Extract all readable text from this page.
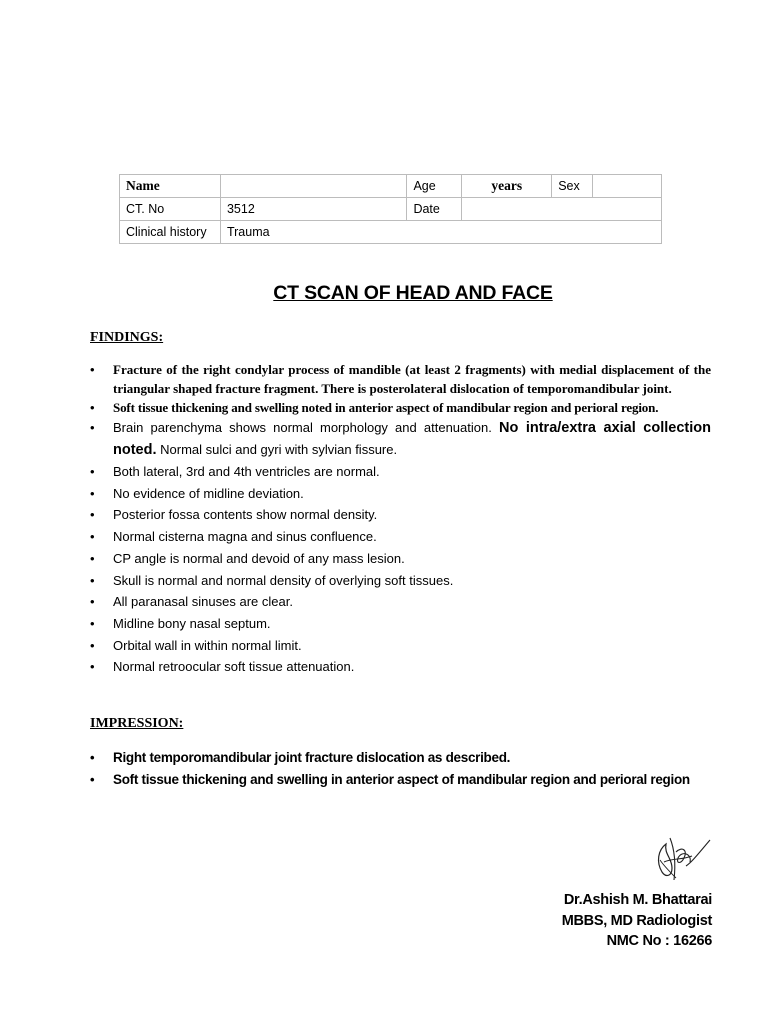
Name		Age	years	Sex	
CT. No	3512	Date			
Clinical history	Trauma				
CT SCAN OF HEAD AND FACE
FINDINGS:
• Fracture of the right condylar process of mandible (at least 2 fragments) with medial displacement of the triangular shaped fracture fragment. There is posterolateral dislocation of temporomandibular joint.
• Soft tissue thickening and swelling noted in anterior aspect of mandibular region and perioral region.
• Brain parenchyma shows normal morphology and attenuation. No intra/extra axial collection noted. Normal sulci and gyri with sylvian fissure.
• Both lateral, 3rd and 4th ventricles are normal.
• No evidence of midline deviation.
• Posterior fossa contents show normal density.
• Normal cisterna magna and sinus confluence.
• CP angle is normal and devoid of any mass lesion.
• Skull is normal and normal density of overlying soft tissues.
• All paranasal sinuses are clear.
• Midline bony nasal septum.
• Orbital wall in within normal limit.
• Normal retroocular soft tissue attenuation.
IMPRESSION:
• Right temporomandibular joint fracture dislocation as described.
• Soft tissue thickening and swelling in anterior aspect of mandibular region and perioral region
Dr.Ashish M. Bhattarai
MBBS, MD Radiologist
NMC No : 16266
